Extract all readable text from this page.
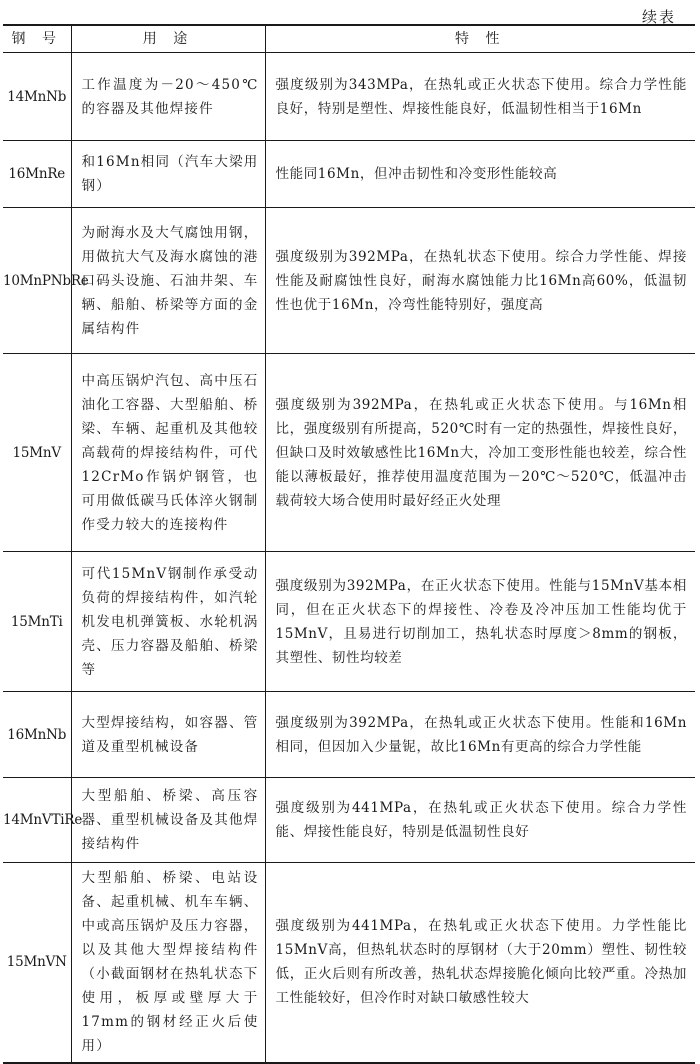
续表
钢 号	用 途	特 性
14MnNb	工作温度为－20～450℃的容器及其他焊接件	强度级别为343MPa，在热轧或正火状态下使用。综合力学性能良好，特别是塑性、焊接性能良好，低温韧性相当于16Mn
16MnRe	和16Mn相同（汽车大梁用钢）	性能同16Mn，但冲击韧性和冷变形性能较高
10MnPNbRe	为耐海水及大气腐蚀用钢，用做抗大气及海水腐蚀的港口码头设施、石油井架、车辆、船舶、桥梁等方面的金属结构件	强度级别为392MPa，在热轧状态下使用。综合力学性能、焊接性能及耐腐蚀性良好，耐海水腐蚀能力比16Mn高60%，低温韧性也优于16Mn，冷弯性能特别好，强度高
15MnV	中高压锅炉汽包、高中压石油化工容器、大型船舶、桥梁、车辆、起重机及其他较高载荷的焊接结构件，可代12CrMo作锅炉钢管，也可用做低碳马氏体淬火钢制作受力较大的连接构件	强度级别为392MPa，在热轧或正火状态下使用。与16Mn相比，强度级别有所提高，520℃时有一定的热强性，焊接性良好，但缺口及时效敏感性比16Mn大，冷加工变形性能也较差，综合性能以薄板最好，推荐使用温度范围为－20℃～520℃，低温冲击载荷较大场合使用时最好经正火处理
15MnTi	可代15MnV钢制作承受动负荷的焊接结构件，如汽轮机发电机弹簧板、水轮机涡壳、压力容器及船舶、桥梁等	强度级别为392MPa，在正火状态下使用。性能与15MnV基本相同，但在正火状态下的焊接性、冷卷及冷冲压加工性能均优于15MnV，且易进行切削加工，热轧状态时厚度＞8mm的钢板，其塑性、韧性均较差
16MnNb	大型焊接结构，如容器、管道及重型机械设备	强度级别为392MPa，在热轧或正火状态下使用。性能和16Mn相同，但因加入少量铌，故比16Mn有更高的综合力学性能
14MnVTiRe	大型船舶、桥梁、高压容器、重型机械设备及其他焊接结构件	强度级别为441MPa，在热轧或正火状态下使用。综合力学性能、焊接性能良好，特别是低温韧性良好
15MnVN	大型船舶、桥梁、电站设备、起重机械、机车车辆、中或高压锅炉及压力容器，以及其他大型焊接结构件（小截面钢材在热轧状态下使用，板厚或壁厚大于17mm的钢材经正火后使用）	强度级别为441MPa，在热轧或正火状态下使用。力学性能比15MnV高，但热轧状态时的厚钢材（大于20mm）塑性、韧性较低，正火后则有所改善，热轧状态焊接脆化倾向比较严重。冷热加工性能较好，但冷作时对缺口敏感性较大
